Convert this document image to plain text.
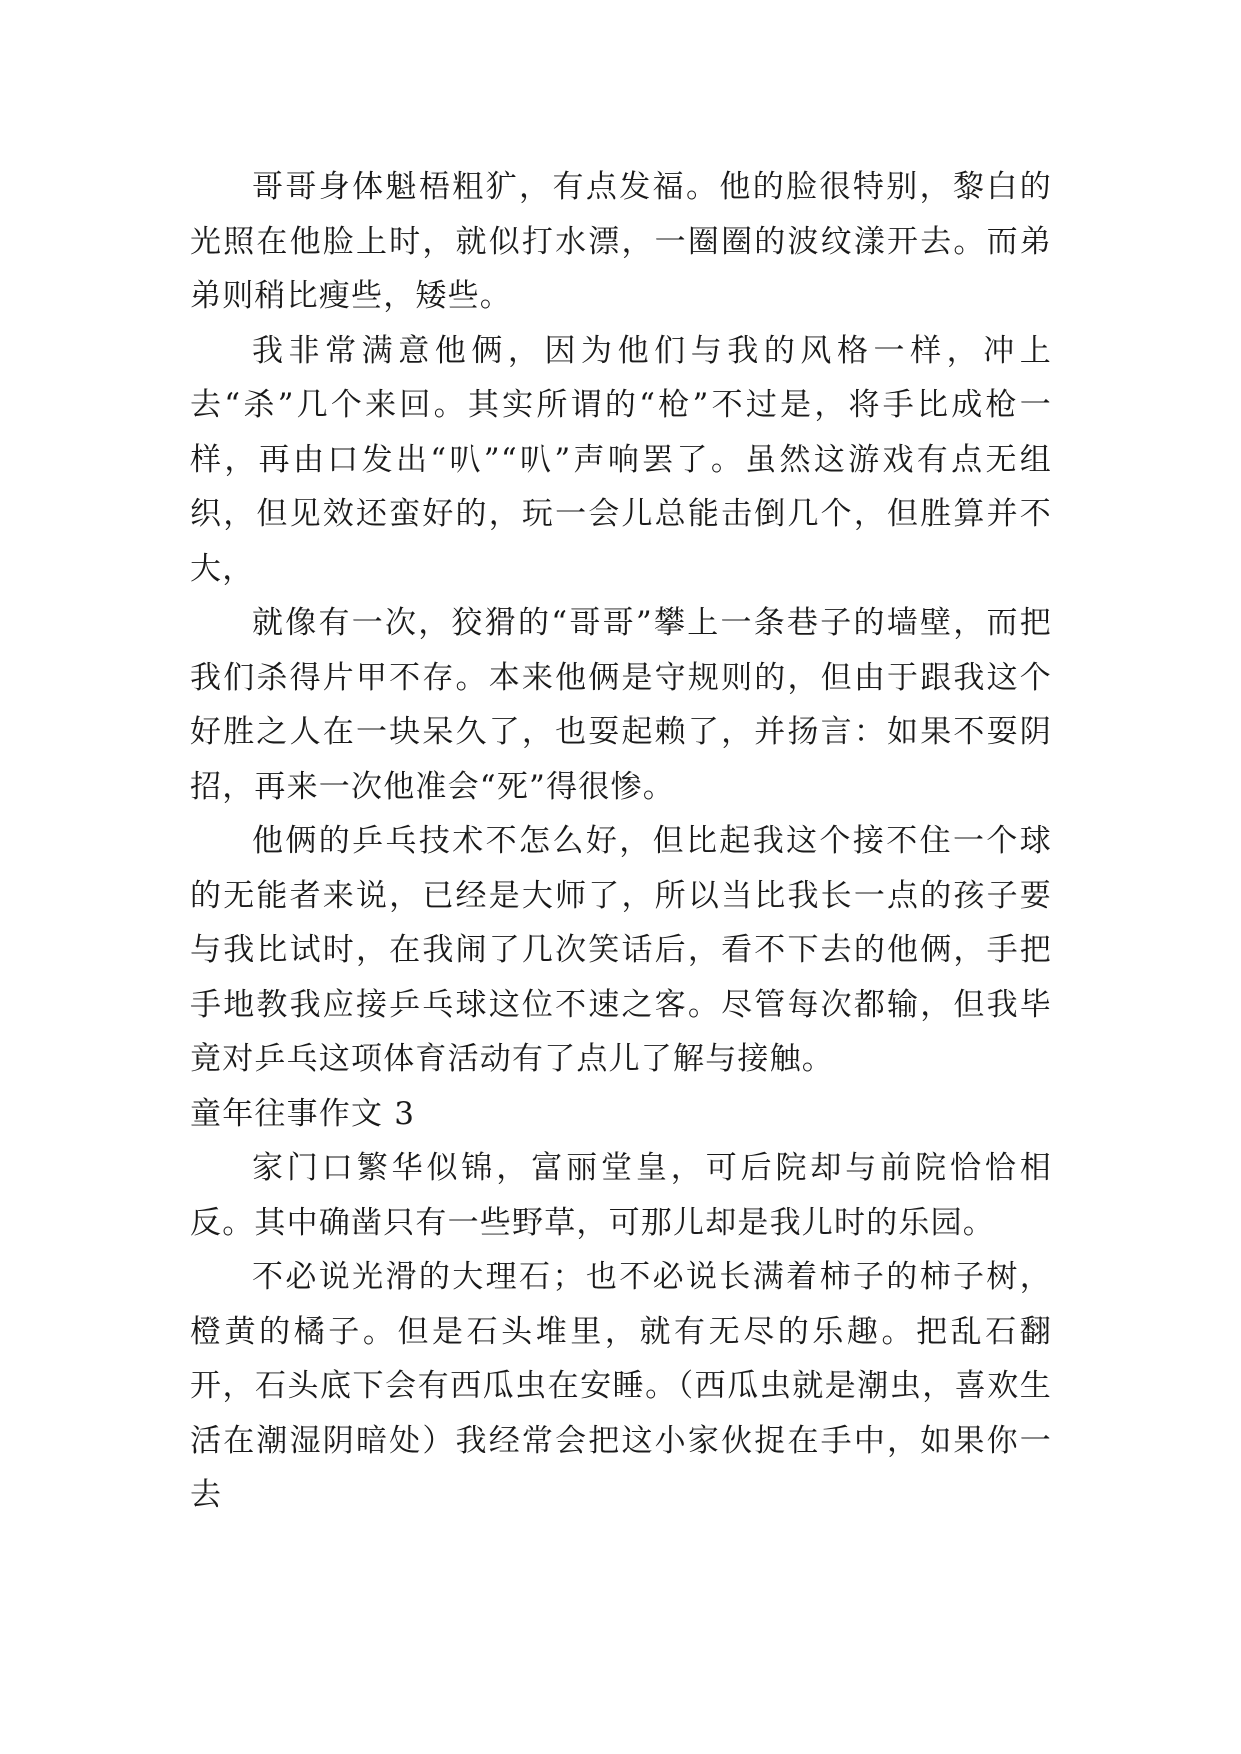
哥哥身体魁梧粗犷，有点发福。他的脸很特别，黎白的光照在他脸上时，就似打水漂，一圈圈的波纹漾开去。而弟弟则稍比瘦些，矮些。

我非常满意他俩，因为他们与我的风格一样，冲上去“杀”几个来回。其实所谓的“枪”不过是，将手比成枪一样，再由口发出“叭”“叭”声响罢了。虽然这游戏有点无组织，但见效还蛮好的，玩一会儿总能击倒几个，但胜算并不大，

就像有一次，狡猾的“哥哥”攀上一条巷子的墙壁，而把我们杀得片甲不存。本来他俩是守规则的，但由于跟我这个好胜之人在一块呆久了，也耍起赖了，并扬言：如果不耍阴招，再来一次他准会“死”得很惨。

他俩的乒乓技术不怎么好，但比起我这个接不住一个球的无能者来说，已经是大师了，所以当比我长一点的孩子要与我比试时，在我闹了几次笑话后，看不下去的他俩，手把手地教我应接乒乓球这位不速之客。尽管每次都输，但我毕竟对乒乓这项体育活动有了点儿了解与接触。

童年往事作文 3

家门口繁华似锦，富丽堂皇，可后院却与前院恰恰相反。其中确凿只有一些野草，可那儿却是我儿时的乐园。

不必说光滑的大理石；也不必说长满着柿子的柿子树，橙黄的橘子。但是石头堆里，就有无尽的乐趣。把乱石翻开，石头底下会有西瓜虫在安睡。（西瓜虫就是潮虫，喜欢生活在潮湿阴暗处）我经常会把这小家伙捉在手中，如果你一去
